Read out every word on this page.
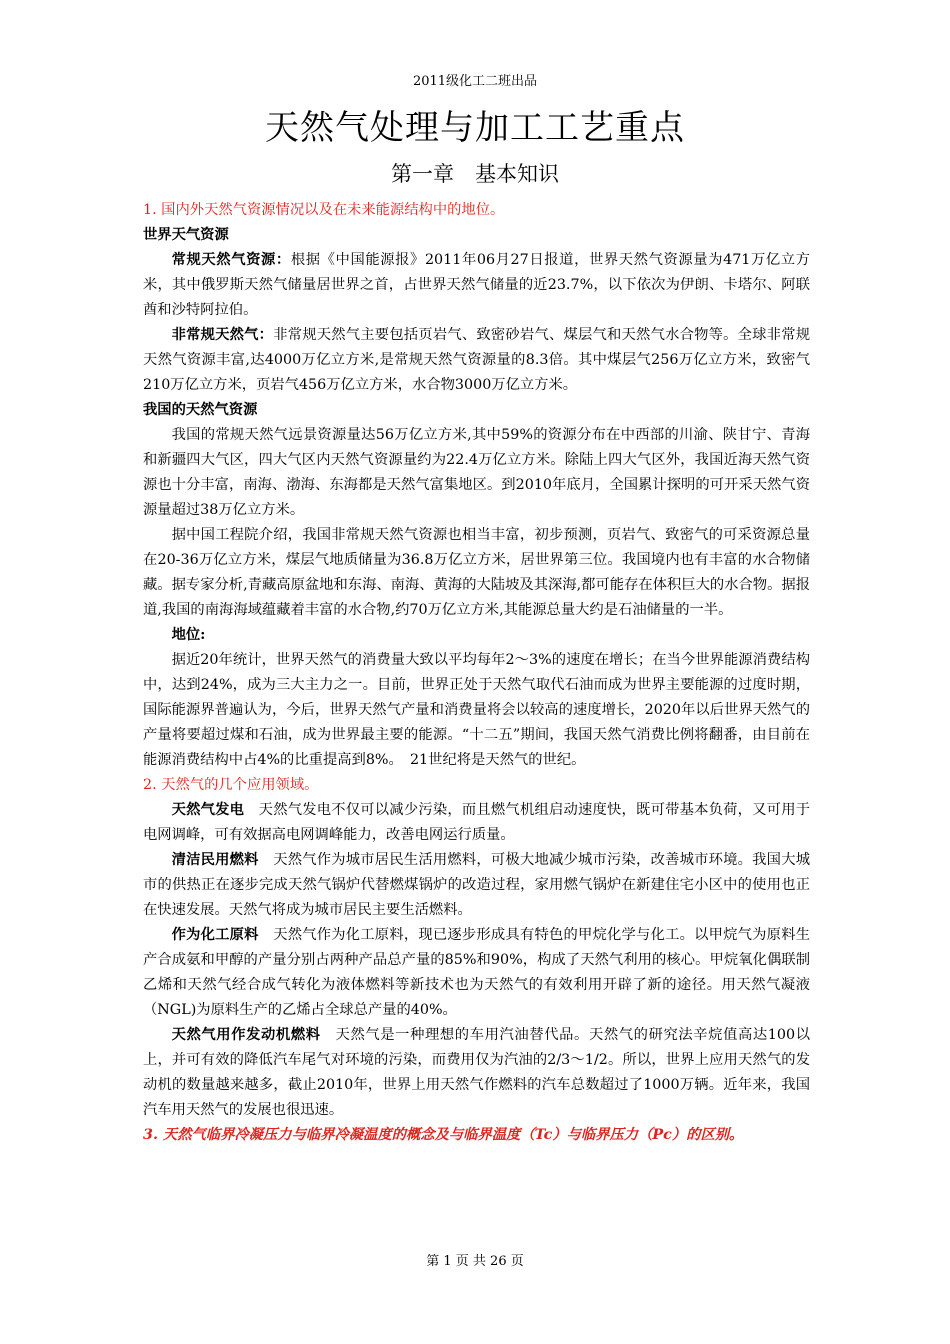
2011级化工二班出品
天然气处理与加工工艺重点
第一章　基本知识

1. 国内外天然气资源情况以及在未来能源结构中的地位。

世界天气资源

常规天然气资源：根据《中国能源报》2011年06月27日报道，世界天然气资源量为471万亿立方米，其中俄罗斯天然气储量居世界之首，占世界天然气储量的近23.7%，以下依次为伊朗、卡塔尔、阿联酋和沙特阿拉伯。

非常规天然气：非常规天然气主要包括页岩气、致密砂岩气、煤层气和天然气水合物等。全球非常规天然气资源丰富,达4000万亿立方米,是常规天然气资源量的8.3倍。其中煤层气256万亿立方米，致密气210万亿立方米，页岩气456万亿立方米，水合物3000万亿立方米。

我国的天然气资源

我国的常规天然气远景资源量达56万亿立方米,其中59%的资源分布在中西部的川渝、陕甘宁、青海和新疆四大气区，四大气区内天然气资源量约为22.4万亿立方米。除陆上四大气区外，我国近海天然气资源也十分丰富，南海、渤海、东海都是天然气富集地区。到2010年底月，全国累计探明的可开采天然气资源量超过38万亿立方米。

据中国工程院介绍，我国非常规天然气资源也相当丰富，初步预测，页岩气、致密气的可采资源总量在20-36万亿立方米，煤层气地质储量为36.8万亿立方米，居世界第三位。我国境内也有丰富的水合物储藏。据专家分析,青藏高原盆地和东海、南海、黄海的大陆坡及其深海,都可能存在体积巨大的水合物。据报道,我国的南海海域蕴藏着丰富的水合物,约70万亿立方米,其能源总量大约是石油储量的一半。

地位:

据近20年统计，世界天然气的消费量大致以平均每年2～3%的速度在增长；在当今世界能源消费结构中，达到24%，成为三大主力之一。目前，世界正处于天然气取代石油而成为世界主要能源的过度时期，国际能源界普遍认为，今后，世界天然气产量和消费量将会以较高的速度增长，2020年以后世界天然气的产量将要超过煤和石油，成为世界最主要的能源。“十二五”期间，我国天然气消费比例将翻番，由目前在能源消费结构中占4%的比重提高到8%。　21世纪将是天然气的世纪。

2. 天然气的几个应用领域。

天然气发电　天然气发电不仅可以减少污染，而且燃气机组启动速度快，既可带基本负荷，又可用于电网调峰，可有效据高电网调峰能力，改善电网运行质量。

清洁民用燃料　天然气作为城市居民生活用燃料，可极大地减少城市污染，改善城市环境。我国大城市的供热正在逐步完成天然气锅炉代替燃煤锅炉的改造过程，家用燃气锅炉在新建住宅小区中的使用也正在快速发展。天然气将成为城市居民主要生活燃料。

作为化工原料　天然气作为化工原料，现已逐步形成具有特色的甲烷化学与化工。以甲烷气为原料生产合成氨和甲醇的产量分别占两种产品总产量的85%和90%，构成了天然气利用的核心。甲烷氧化偶联制乙烯和天然气经合成气转化为液体燃料等新技术也为天然气的有效利用开辟了新的途径。用天然气凝液（NGL)为原料生产的乙烯占全球总产量的40%。

天然气用作发动机燃料　天然气是一种理想的车用汽油替代品。天然气的研究法辛烷值高达100以上，并可有效的降低汽车尾气对环境的污染，而费用仅为汽油的2/3～1/2。所以，世界上应用天然气的发动机的数量越来越多，截止2010年，世界上用天然气作燃料的汽车总数超过了1000万辆。近年来，我国汽车用天然气的发展也很迅速。

3. 天然气临界冷凝压力与临界冷凝温度的概念及与临界温度（Tc）与临界压力（Pc）的区别。

第 1 页 共 26 页
